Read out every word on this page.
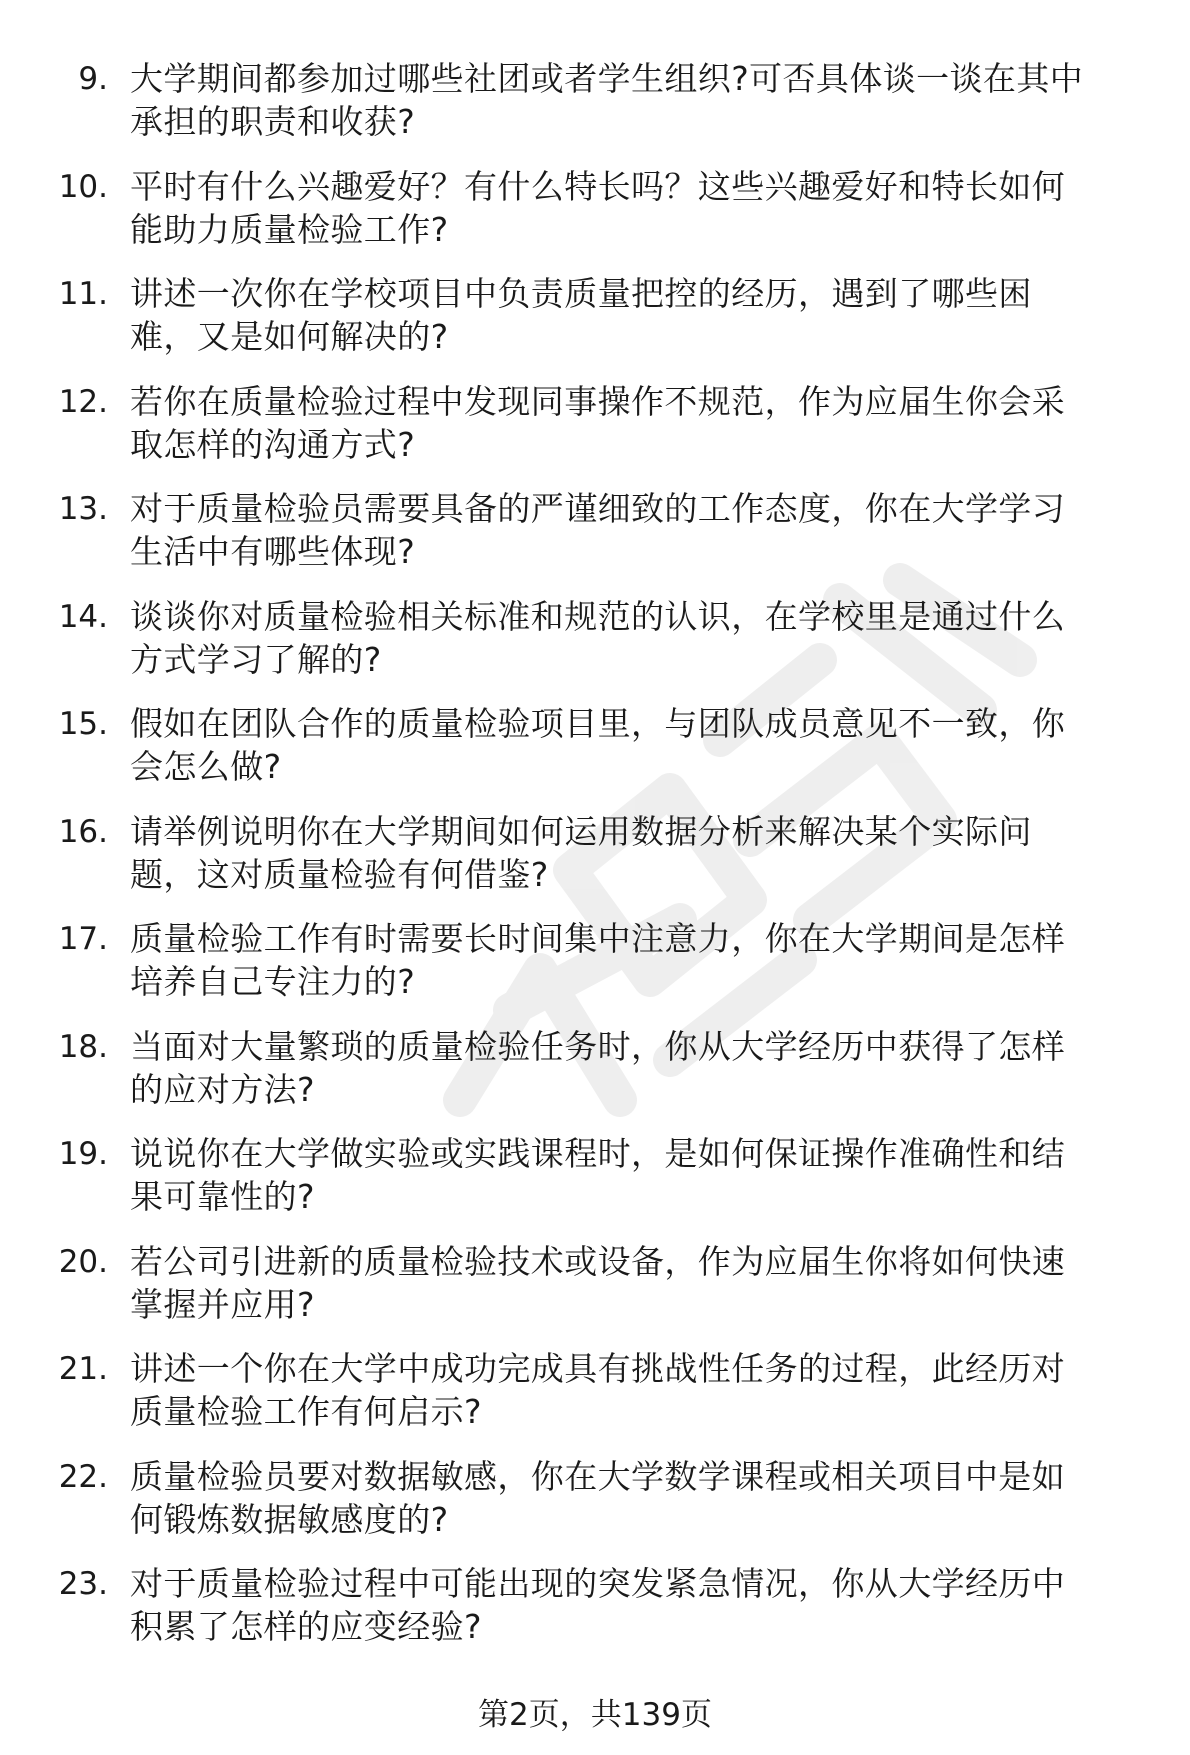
9. 大学期间都参加过哪些社团或者学生组织?可否具体谈一谈在其中
承担的职责和收获?
10. 平时有什么兴趣爱好？有什么特长吗？这些兴趣爱好和特长如何
能助力质量检验工作?
11. 讲述一次你在学校项目中负责质量把控的经历，遇到了哪些困
难，又是如何解决的?
12. 若你在质量检验过程中发现同事操作不规范，作为应届生你会采
取怎样的沟通方式?
13. 对于质量检验员需要具备的严谨细致的工作态度，你在大学学习
生活中有哪些体现?
14. 谈谈你对质量检验相关标准和规范的认识，在学校里是通过什么
方式学习了解的?
15. 假如在团队合作的质量检验项目里，与团队成员意见不一致，你
会怎么做?
16. 请举例说明你在大学期间如何运用数据分析来解决某个实际问
题，这对质量检验有何借鉴?
17. 质量检验工作有时需要长时间集中注意力，你在大学期间是怎样
培养自己专注力的?
18. 当面对大量繁琐的质量检验任务时，你从大学经历中获得了怎样
的应对方法?
19. 说说你在大学做实验或实践课程时，是如何保证操作准确性和结
果可靠性的?
20. 若公司引进新的质量检验技术或设备，作为应届生你将如何快速
掌握并应用?
21. 讲述一个你在大学中成功完成具有挑战性任务的过程，此经历对
质量检验工作有何启示?
22. 质量检验员要对数据敏感，你在大学数学课程或相关项目中是如
何锻炼数据敏感度的?
23. 对于质量检验过程中可能出现的突发紧急情况，你从大学经历中
积累了怎样的应变经验?
第2页，共139页
